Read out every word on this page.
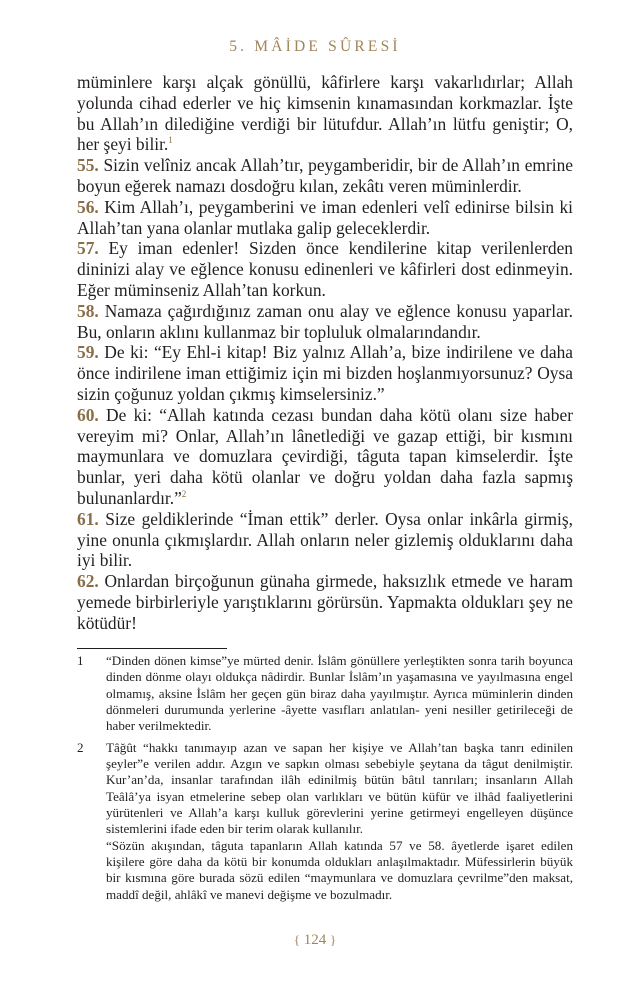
5. MÂİDE SÛRESİ

müminlere karşı alçak gönüllü, kâfirlere karşı vakarlıdırlar; Allah yolunda cihad ederler ve hiç kimsenin kınamasından korkmazlar. İşte bu Allah’ın dilediğine verdiği bir lütufdur. Allah’ın lütfu geniştir; O, her şeyi bilir.$^1$

55. Sizin velîniz ancak Allah’tır, peygamberidir, bir de Allah’ın emrine boyun eğerek namazı dosdoğru kılan, zekâtı veren müminlerdir.

56. Kim Allah’ı, peygamberini ve iman edenleri velî edinirse bilsin ki Allah’tan yana olanlar mutlaka galip geleceklerdir.

57. Ey iman edenler! Sizden önce kendilerine kitap verilenlerden dininizi alay ve eğlence konusu edinenleri ve kâfirleri dost edinmeyin. Eğer müminseniz Allah’tan korkun.

58. Namaza çağırdığınız zaman onu alay ve eğlence konusu yaparlar. Bu, onların aklını kullanmaz bir topluluk olmalarındandır.

59. De ki: “Ey Ehl-i kitap! Biz yalnız Allah’a, bize indirilene ve daha önce indirilene iman ettiğimiz için mi bizden hoşlanmıyorsunuz? Oysa sizin çoğunuz yoldan çıkmış kimselersiniz.”

60. De ki: “Allah katında cezası bundan daha kötü olanı size haber vereyim mi? Onlar, Allah’ın lânetlediği ve gazap ettiği, bir kısmını maymunlara ve domuzlara çevirdiği, tâguta tapan kimselerdir. İşte bunlar, yeri daha kötü olanlar ve doğru yoldan daha fazla sapmış bulunanlardır.”$^2$

61. Size geldiklerinde “İman ettik” derler. Oysa onlar inkârla girmiş, yine onunla çıkmışlardır. Allah onların neler gizlemiş olduklarını daha iyi bilir.

62. Onlardan birçoğunun günaha girmede, haksızlık etmede ve haram yemede birbirleriyle yarıştıklarını görürsün. Yapmakta oldukları şey ne kötüdür!

1 “Dinden dönen kimse”ye mürted denir. İslâm gönüllere yerleştikten sonra tarih boyunca dinden dönme olayı oldukça nâdirdir. Bunlar İslâm’ın yaşamasına ve yayılmasına engel olmamış, aksine İslâm her geçen gün biraz daha yayılmıştır. Ayrıca müminlerin dinden dönmeleri durumunda yerlerine -âyette vasıfları anlatılan- yeni nesiller getirileceği de haber verilmektedir.

2 Tâğût “hakkı tanımayıp azan ve sapan her kişiye ve Allah’tan başka tanrı edinilen şeyler”e verilen addır. Azgın ve sapkın olması sebebiyle şeytana da tâgut denilmiştir. Kur’an’da, insanlar tarafından ilâh edinilmiş bütün bâtıl tanrıları; insanların Allah Teâlâ’ya isyan etmelerine sebep olan varlıkları ve bütün küfür ve ilhâd faaliyetlerini yürütenleri ve Allah’a karşı kulluk görevlerini yerine getirmeyi engelleyen düşünce sistemlerini ifade eden bir terim olarak kullanılır.

“Sözün akışından, tâguta tapanların Allah katında 57 ve 58. âyetlerde işaret edilen kişilere göre daha da kötü bir konumda oldukları anlaşılmaktadır. Müfessirlerin büyük bir kısmına göre burada sözü edilen “maymunlara ve domuzlara çevrilme”den maksat, maddî değil, ahlâkî ve manevi değişme ve bozulmadır.

{ 124 }
